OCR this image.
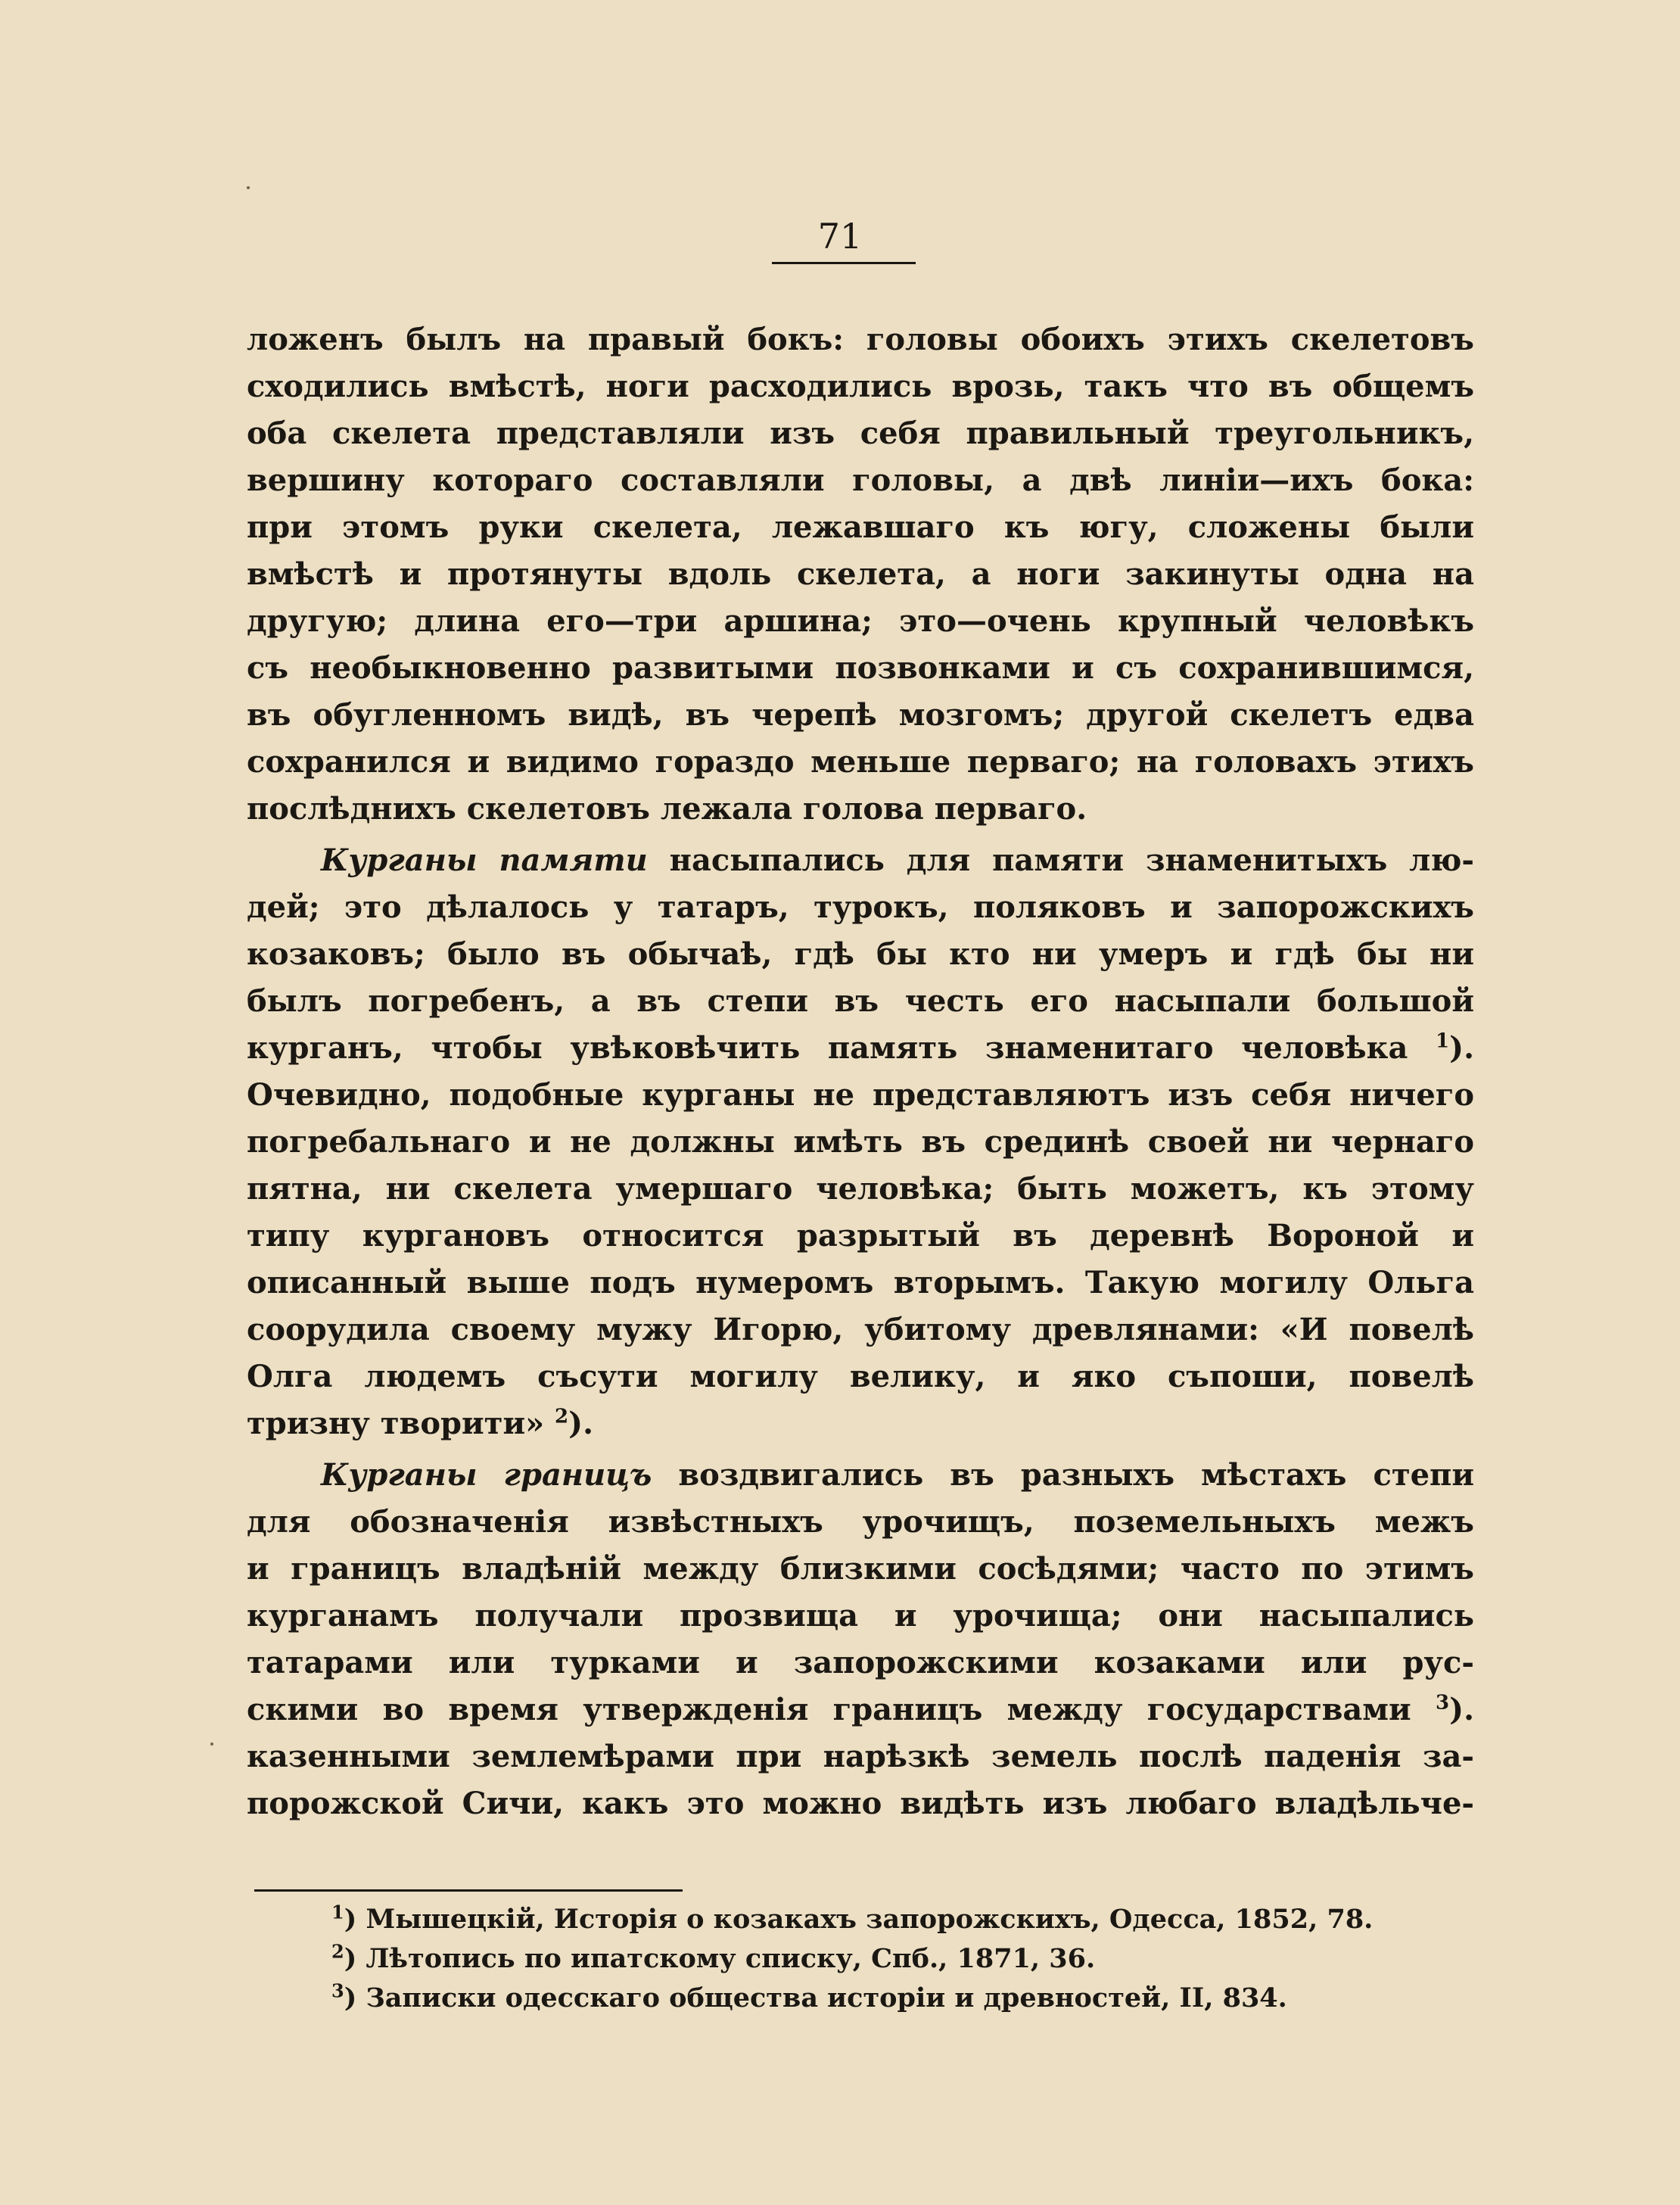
71
ложенъ былъ на правый бокъ: головы обоихъ этихъ скелетовъ
сходились вмѣстѣ, ноги расходились врозь, такъ что въ общемъ
оба скелета представляли изъ себя правильный треугольникъ,
вершину котораго составляли головы, а двѣ линіи—ихъ бока:
при этомъ руки скелета, лежавшаго къ югу, сложены были
вмѣстѣ и протянуты вдоль скелета, а ноги закинуты одна на
другую; длина его—три аршина; это—очень крупный человѣкъ
съ необыкновенно развитыми позвонками и съ сохранившимся,
въ обугленномъ видѣ, въ черепѣ мозгомъ; другой скелетъ едва
сохранился и видимо гораздо меньше перваго; на головахъ этихъ
послѣднихъ скелетовъ лежала голова перваго.
Курганы памяти насыпались для памяти знаменитыхъ лю-
дей; это дѣлалось у татаръ, турокъ, поляковъ и запорожскихъ
козаковъ; было въ обычаѣ, гдѣ бы кто ни умеръ и гдѣ бы ни
былъ погребенъ, а въ степи въ честь его насыпали большой
курганъ, чтобы увѣковѣчить память знаменитаго человѣка $^1$).
Очевидно, подобные курганы не представляютъ изъ себя ничего
погребальнаго и не должны имѣть въ срединѣ своей ни чернаго
пятна, ни скелета умершаго человѣка; быть можетъ, къ этому
типу кургановъ относится разрытый въ деревнѣ Вороной и
описанный выше подъ нумеромъ вторымъ. Такую могилу Ольга
соорудила своему мужу Игорю, убитому древлянами: «И повелѣ
Олга людемъ съсути могилу велику, и яко съпоши, повелѣ
тризну творити» $^2$).
Курганы границъ воздвигались въ разныхъ мѣстахъ степи
для обозначенія извѣстныхъ урочищъ, поземельныхъ межъ
и границъ владѣній между близкими сосѣдями; часто по этимъ
курганамъ получали прозвища и урочища; они насыпались
татарами или турками и запорожскими козаками или рус-
скими во время утвержденія границъ между государствами $^3$).
казенными землемѣрами при нарѣзкѣ земель послѣ паденія за-
порожской Сичи, какъ это можно видѣть изъ любаго владѣльче-
$^1$) Мышецкій, Исторія о козакахъ запорожскихъ, Одесса, 1852, 78.
$^2$) Лѣтопись по ипатскому списку, Спб., 1871, 36.
$^3$) Записки одесскаго общества исторіи и древностей, II, 834.
